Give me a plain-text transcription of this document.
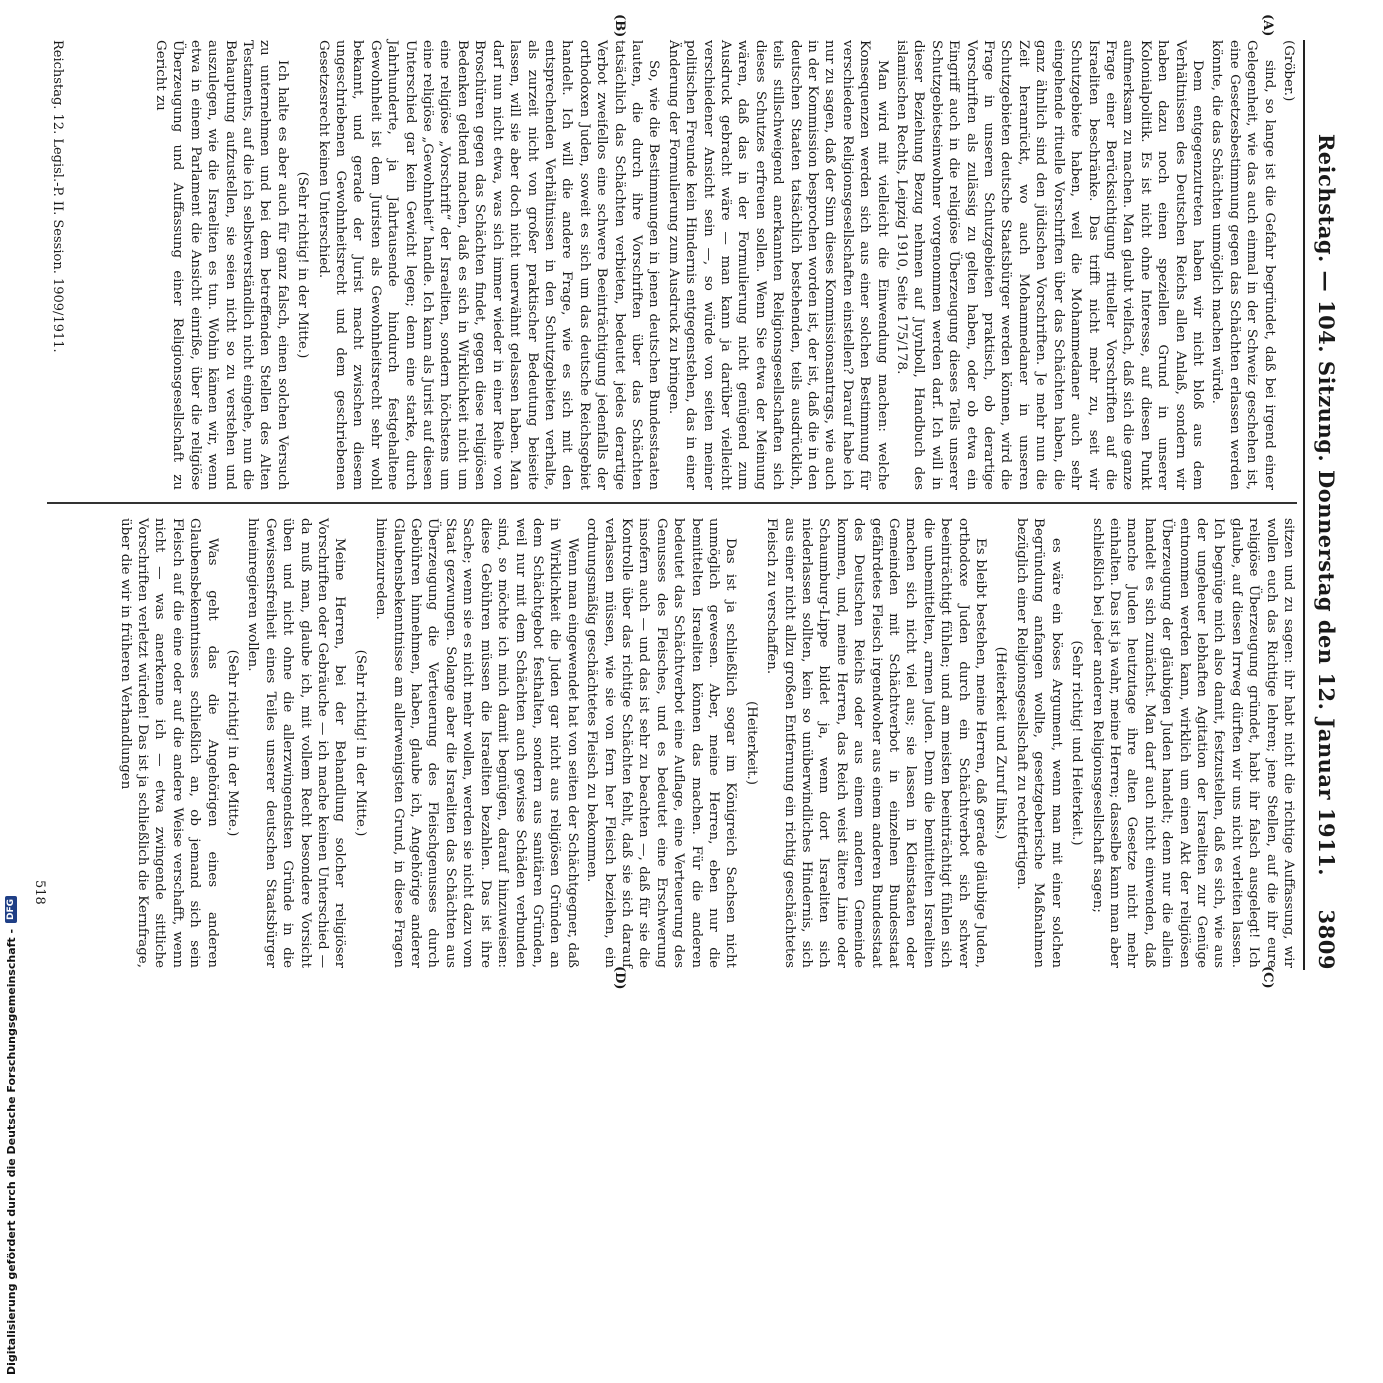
Reichstag. — 104. Sitzung. Donnerstag den 12. Januar 1911.
3809
(A)
(B)
(C)
(D)

(Gröber.)

sind, so lange ist die Gefahr begründet, daß bei irgend einer Gelegenheit, wie das auch einmal in der Schweiz geschehen ist, eine Gesetzesbestimmung gegen das Schächten erlassen werden könnte, die das Schächten unmöglich machen würde.

Dem entgegenzutreten haben wir nicht bloß aus dem Verhältnissen des Deutschen Reichs allen Anlaß, sondern wir haben dazu noch einen speziellen Grund in unserer Kolonialpolitik. Es ist nicht ohne Interesse, auf diesen Punkt aufmerksam zu machen. Man glaubt vielfach, daß sich die ganze Frage einer Berücksichtigung ritueller Vorschriften auf die Israeliten beschränke. Das trifft nicht mehr zu, seit wir Schutzgebiete haben, weil die Mohammedaner auch sehr eingehende rituelle Vorschriften über das Schächten haben, die ganz ähnlich sind den jüdischen Vorschriften. Je mehr nun die Zeit heranrückt, wo auch Mohammedaner in unseren Schutzgebieten deutsche Staatsbürger werden können, wird die Frage in unseren Schutzgebieten praktisch, ob derartige Vorschriften als zulässig zu gelten haben, oder ob etwa ein Eingriff auch in die religiöse Überzeugung dieses Teils unserer Schutzgebietseinwohner vorgenommen werden darf. Ich will in dieser Beziehung Bezug nehmen auf Juynboll, Handbuch des islamischen Rechts, Leipzig 1910, Seite 175/178.

Man wird mit vielleicht die Einwendung machen: welche Konsequenzen werden sich aus einer solchen Bestimmung für verschiedene Religionsgesellschaften einstellen? Darauf habe ich nur zu sagen, daß der Sinn dieses Kommissionsantrags, wie auch in der Kommission besprochen worden ist, der ist, daß die in den deutschen Staaten tatsächlich bestehenden, teils ausdrücklich, teils stillschweigend anerkannten Religionsgesellschaften sich dieses Schutzes erfreuen sollen. Wenn Sie etwa der Meinung wären, daß das in der Formulierung nicht genügend zum Ausdruck gebracht wäre — man kann ja darüber vielleicht verschiedener Ansicht sein —, so würde von seiten meiner politischen Freunde kein Hindernis entgegenstehen, das in einer Änderung der Formulierung zum Ausdruck zu bringen.

So, wie die Bestimmungen in jenen deutschen Bundesstaaten lauten, die durch ihre Vorschriften über das Schächten tatsächlich das Schächten verbieten, bedeutet jedes derartige Verbot zweifellos eine schwere Beeinträchtigung jedenfalls der orthodoxen Juden, soweit es sich um das deutsche Reichsgebiet handelt. Ich will die andere Frage, wie es sich mit den entsprechenden Verhältnissen in den Schutzgebieten verhalte, als zurzeit nicht von großer praktischer Bedeutung beiseite lassen, will sie aber doch nicht unerwähnt gelassen haben. Man darf nun nicht etwa, was sich immer wieder in einer Reihe von Broschüren gegen das Schächten findet, gegen diese religiösen Bedenken geltend machen, daß es sich in Wirklichkeit nicht um eine religiöse „Vorschrift“ der Israeliten, sondern höchstens um eine religiöse „Gewohnheit“ handle. Ich kann als Jurist auf diesen Unterschied gar kein Gewicht legen; denn eine starke, durch Jahrhunderte, ja Jahrtausende hindurch festgehaltene Gewohnheit ist dem Juristen als Gewohnheitsrecht sehr wohl bekannt, und gerade der Jurist macht zwischen diesem ungeschriebenen Gewohnheitsrecht und dem geschriebenen Gesetzesrecht keinen Unterschied.

(Sehr richtig! in der Mitte.)

Ich halte es aber auch für ganz falsch, einen solchen Versuch zu unternehmen und bei dem betreffenden Stellen des Alten Testaments, auf die ich selbstverständlich nicht eingehe, nun die Behauptung aufzustellen, sie seien nicht so zu verstehen und auszulegen, wie die Israeliten es tun. Wohin kämen wir, wenn etwa in einem Parlament die Ansicht einriße, über die religiöse Überzeugung und Auffassung einer Religionsgesellschaft zu Gericht zu

sitzen und zu sagen: ihr habt nicht die richtige Auffassung, wir wollen euch das Richtige lehren; jene Stellen, auf die ihr eure religiöse Überzeugung gründet, habt ihr falsch ausgelegt! Ich glaube, auf diesen Irrweg dürften wir uns nicht verleiten lassen. Ich begnüge mich also damit, festzustellen, daß es sich, wie aus der ungeheuer lebhaften Agitation der Israeliten zur Genüge entnommen werden kann, wirklich um einen Akt der religiösen Überzeugung der gläubigen Juden handelt; denn nur die allein handelt es sich zunächst. Man darf auch nicht einwenden, daß manche Juden heutzutage ihre alten Gesetze nicht mehr einhalten. Das ist ja wahr, meine Herren; dasselbe kann man aber schließlich bei jeder anderen Religionsgesellschaft sagen;

(Sehr richtig! und Heiterkeit.)

es wäre ein böses Argument, wenn man mit einer solchen Begründung anfangen wollte, gesetzgeberische Maßnahmen bezüglich einer Religionsgesellschaft zu rechtfertigen.

(Heiterkeit und Zuruf links.)

Es bleibt bestehen, meine Herren, daß gerade gläubige Juden, orthodoxe Juden durch ein Schächtverbot sich schwer beeinträchtigt fühlen; und am meisten beeinträchtigt fühlen sich die unbemittelten, armen Juden. Denn die bemittelten Israeliten machen sich nicht viel aus; sie lassen in Kleinstaaten oder Gemeinden mit Schächtverbot in einzelnen Bundesstaat gefährdetes Fleisch irgendwoher aus einem anderen Bundesstaat des Deutschen Reichs oder aus einem anderen Gemeinde kommen, und, meine Herren, das Reich weist ältere Linie oder Schaumburg-Lippe bildet ja, wenn dort Israeliten sich niederlassen sollten, kein so unüberwindliches Hindernis, sich aus einer nicht allzu großen Entfernung ein richtig geschächtetes Fleisch zu verschaffen.

(Heiterkeit.)

Das ist ja schließlich sogar im Königreich Sachsen nicht unmöglich gewesen. Aber, meine Herren, eben nur die bemittelten Israeliten können das machen. Für die anderen bedeutet das Schächtverbot eine Auflage, eine Verteuerung des Genusses des Fleisches, und es bedeutet eine Erschwerung insofern auch — und das ist sehr zu beachten —, daß für sie die Kontrolle über das richtige Schächten fehlt, daß sie sich darauf verlassen müssen, wie sie von fern her Fleisch beziehen, ein ordnungsmäßig geschächtetes Fleisch zu bekommen.

Wenn man eingewendet hat von seiten der Schächtgegner, daß in Wirklichkeit die Juden gar nicht aus religiösen Gründen an dem Schächtgebot festhalten, sondern aus sanitären Gründen, weil nur mit dem Schächten auch gewisse Schäden verbunden sind, so möchte ich mich damit begnügen, darauf hinzuweisen: diese Gebühren müssen die Israeliten bezahlen. Das ist ihre Sache; wenn sie es nicht mehr wollen, werden sie nicht dazu vom Staat gezwungen. Solange aber die Israeliten das Schächten aus Überzeugung die Verteuerung des Fleischgenusses durch Gebühren hinnehmen, haben, glaube ich, Angehörige anderer Glaubensbekenntnisse am allerwenigsten Grund, in diese Fragen hineinzureden.

(Sehr richtig! in der Mitte.)

Meine Herren, bei der Behandlung solcher religiöser Vorschriften oder Gebräuche — ich mache keinen Unterschied — da muß man, glaube ich, mit vollem Recht besondere Vorsicht üben und nicht ohne die allerzwingendsten Gründe in die Gewissensfreiheit eines Teiles unserer deutschen Staatsbürger hineinregieren wollen.

(Sehr richtig! in der Mitte.)

Was geht das die Angehörigen eines anderen Glaubensbekenntnisses schließlich an, ob jemand sich sein Fleisch auf die eine oder auf die andere Weise verschafft, wenn nicht — was anerkenne ich — etwa zwingende sittliche Vorschriften verletzt würden! Das ist ja schließlich die Kernfrage, über die wir in früheren Verhandlungen

Reichstag. 12. Legisl.-P. II. Session. 1909/1911.
518
Digitalisierung gefördert durch die Deutsche Forschungsgemeinschaft -
DFG
